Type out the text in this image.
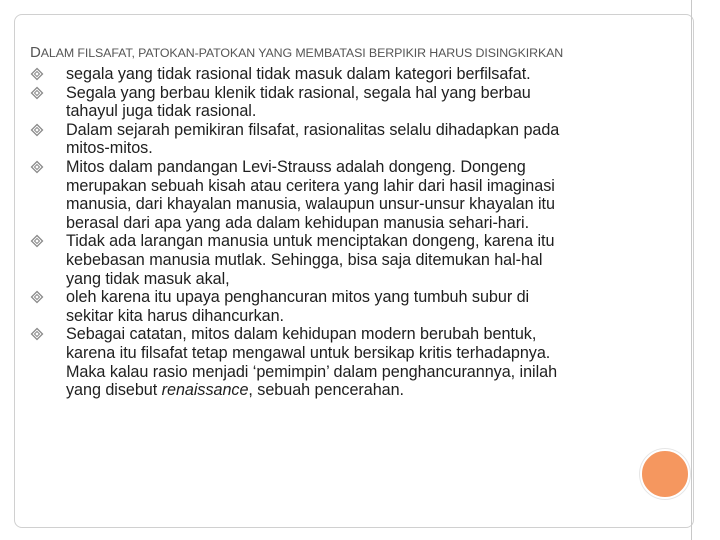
DALAM FILSAFAT, PATOKAN-PATOKAN YANG MEMBATASI BERPIKIR HARUS DISINGKIRKAN
segala yang tidak rasional tidak masuk dalam kategori berfilsafat.
Segala yang berbau klenik tidak rasional, segala hal yang berbau
tahayul juga tidak rasional.
Dalam sejarah pemikiran filsafat, rasionalitas selalu dihadapkan pada
mitos-mitos.
Mitos dalam pandangan Levi-Strauss adalah dongeng. Dongeng
merupakan sebuah kisah atau ceritera yang lahir dari hasil imaginasi
manusia, dari khayalan manusia, walaupun unsur-unsur khayalan itu
berasal dari apa yang ada dalam kehidupan manusia sehari-hari.
Tidak ada larangan manusia untuk menciptakan dongeng, karena itu
kebebasan manusia mutlak. Sehingga, bisa saja ditemukan hal-hal
yang tidak masuk akal,
oleh karena itu upaya penghancuran mitos yang tumbuh subur di
sekitar kita harus dihancurkan.
Sebagai catatan, mitos dalam kehidupan modern berubah bentuk,
karena itu filsafat tetap mengawal untuk bersikap kritis terhadapnya.
Maka kalau rasio menjadi ‘pemimpin’ dalam penghancurannya, inilah
yang disebut renaissance, sebuah pencerahan.
